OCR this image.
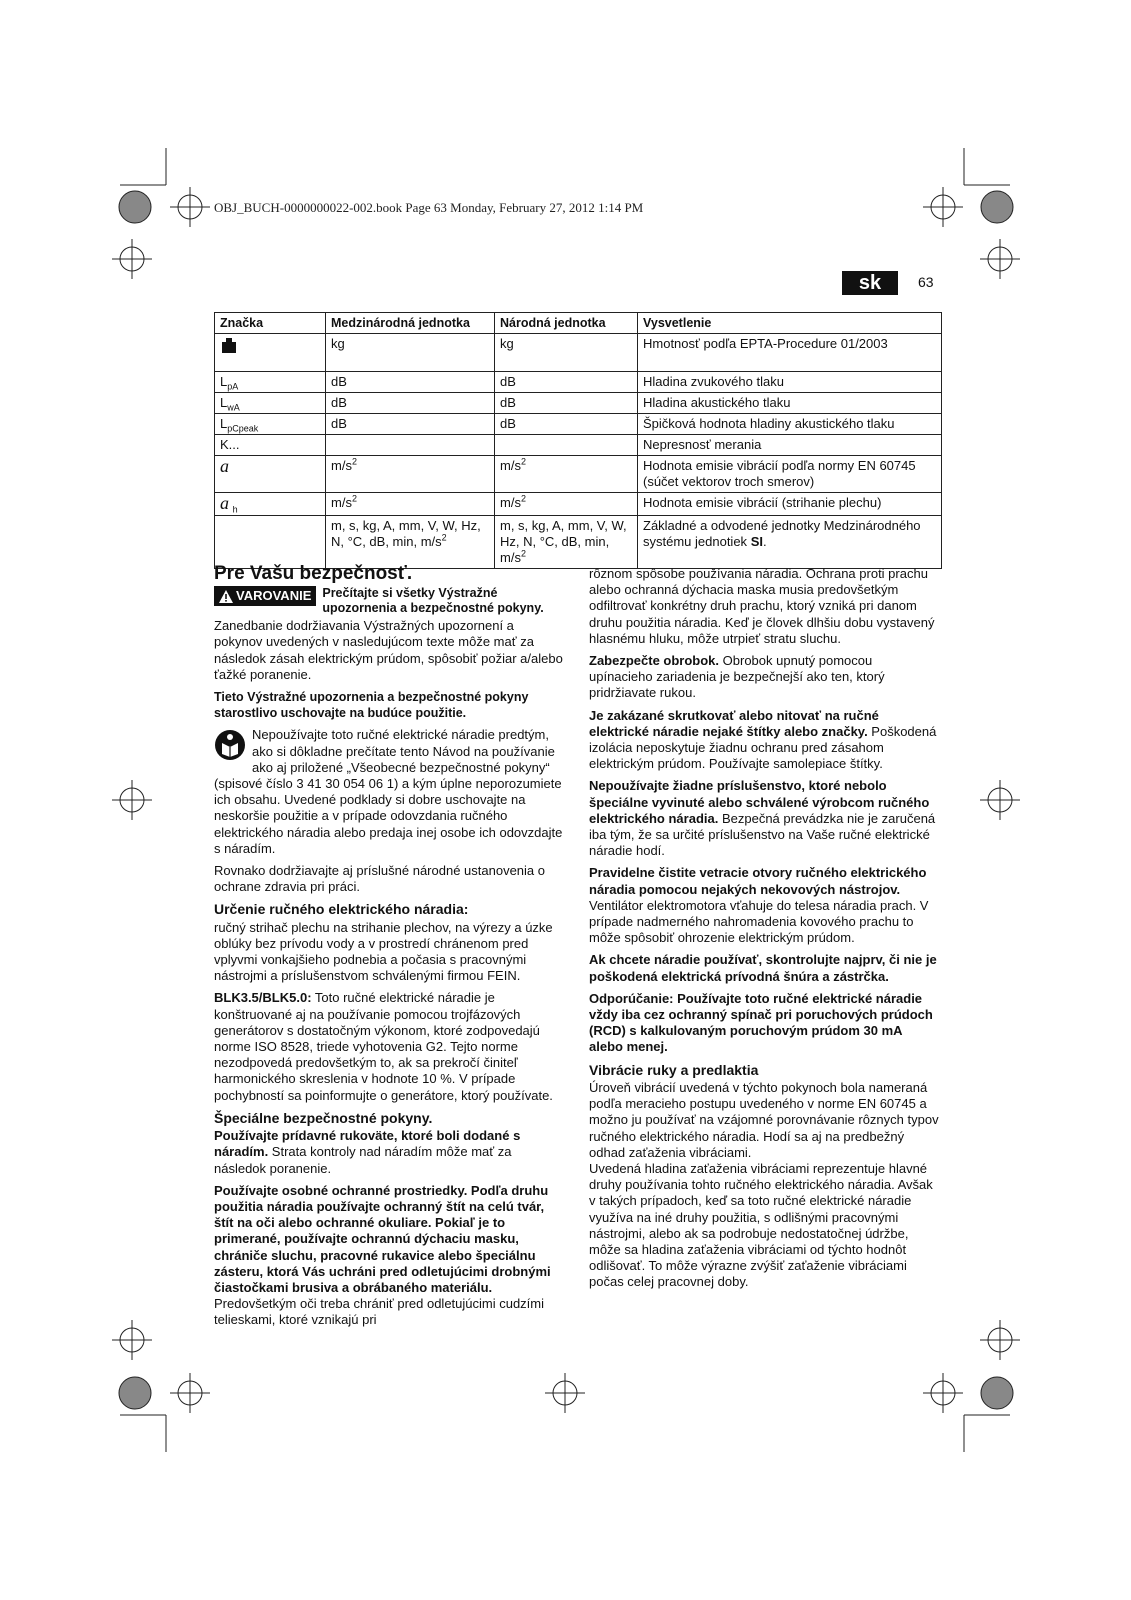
OBJ_BUCH-0000000022-002.book Page 63 Monday, February 27, 2012 1:14 PM
sk	63
Značka	Medzinárodná jednotka	Národná jednotka	Vysvetlenie
	kg	kg	Hmotnosť podľa EPTA-Procedure 01/2003
$L_{pA}$	dB	dB	Hladina zvukového tlaku
$L_{wA}$	dB	dB	Hladina akustického tlaku
$L_{pCpeak}$	dB	dB	Špičková hodnota hladiny akustického tlaku
K...			Nepresnosť merania
a	$m/s^2$	$m/s^2$	Hodnota emisie vibrácií podľa normy EN 60745 (súčet vektorov troch smerov)
a $_h$	$m/s^2$	$m/s^2$	Hodnota emisie vibrácií (strihanie plechu)
	m, s, kg, A, mm, V, W, Hz, N, °C, dB, min, $m/s^2$	m, s, kg, A, mm, V, W, Hz, N, °C, dB, min, $m/s^2$	Základné a odvodené jednotky Medzinárodného systému jednotiek SI.
Pre Vašu bezpečnosť.
VAROVANIE Prečítajte si všetky Výstražné upozornenia a bezpečnostné pokyny.

Zanedbanie dodržiavania Výstražných upozornení a pokynov uvedených v nasledujúcom texte môže mať za následok zásah elektrickým prúdom, spôsobiť požiar a/alebo ťažké poranenie.

Tieto Výstražné upozornenia a bezpečnostné pokyny starostlivo uschovajte na budúce použitie.

Nepoužívajte toto ručné elektrické náradie predtým, ako si dôkladne prečítate tento Návod na používanie ako aj priložené „Všeobecné bezpečnostné pokyny“ (spisové číslo 3 41 30 054 06 1) a kým úplne neporozumiete ich obsahu. Uvedené podklady si dobre uschovajte na neskoršie použitie a v prípade odovzdania ručného elektrického náradia alebo predaja inej osobe ich odovzdajte s náradím.

Rovnako dodržiavajte aj príslušné národné ustanovenia o ochrane zdravia pri práci.

Určenie ručného elektrického náradia:

ručný strihač plechu na strihanie plechov, na výrezy a úzke oblúky bez prívodu vody a v prostredí chránenom pred vplyvmi vonkajšieho podnebia a počasia s pracovnými nástrojmi a príslušenstvom schválenými firmou FEIN.

BLK3.5/BLK5.0: Toto ručné elektrické náradie je konštruované aj na používanie pomocou trojfázových generátorov s dostatočným výkonom, ktoré zodpovedajú norme ISO 8528, triede vyhotovenia G2. Tejto norme nezodpovedá predovšetkým to, ak sa prekročí činiteľ harmonického skreslenia v hodnote 10 %. V prípade pochybností sa poinformujte o generátore, ktorý používate.

Špeciálne bezpečnostné pokyny.

Používajte prídavné rukoväte, ktoré boli dodané s náradím. Strata kontroly nad náradím môže mať za následok poranenie.

Používajte osobné ochranné prostriedky. Podľa druhu použitia náradia používajte ochranný štít na celú tvár, štít na oči alebo ochranné okuliare. Pokiaľ je to primerané, používajte ochrannú dýchaciu masku, chrániče sluchu, pracovné rukavice alebo špeciálnu zásteru, ktorá Vás uchráni pred odletujúcimi drobnými čiastočkami brusiva a obrábaného materiálu. Predovšetkým oči treba chrániť pred odletujúcimi cudzími telieskami, ktoré vznikajú pri

rôznom spôsobe používania náradia. Ochrana proti prachu alebo ochranná dýchacia maska musia predovšetkým odfiltrovať konkrétny druh prachu, ktorý vzniká pri danom druhu použitia náradia. Keď je človek dlhšiu dobu vystavený hlasnému hluku, môže utrpieť stratu sluchu.

Zabezpečte obrobok. Obrobok upnutý pomocou upínacieho zariadenia je bezpečnejší ako ten, ktorý pridržiavate rukou.

Je zakázané skrutkovať alebo nitovať na ručné elektrické náradie nejaké štítky alebo značky. Poškodená izolácia neposkytuje žiadnu ochranu pred zásahom elektrickým prúdom. Používajte samolepiace štítky.

Nepoužívajte žiadne príslušenstvo, ktoré nebolo špeciálne vyvinuté alebo schválené výrobcom ručného elektrického náradia. Bezpečná prevádzka nie je zaručená iba tým, že sa určité príslušenstvo na Vaše ručné elektrické náradie hodí.

Pravidelne čistite vetracie otvory ručného elektrického náradia pomocou nejakých nekovových nástrojov. Ventilátor elektromotora vťahuje do telesa náradia prach. V prípade nadmerného nahromadenia kovového prachu to môže spôsobiť ohrozenie elektrickým prúdom.

Ak chcete náradie používať, skontrolujte najprv, či nie je poškodená elektrická prívodná šnúra a zástrčka.

Odporúčanie: Používajte toto ručné elektrické náradie vždy iba cez ochranný spínač pri poruchových prúdoch (RCD) s kalkulovaným poruchovým prúdom 30 mA alebo menej.

Vibrácie ruky a predlaktia

Úroveň vibrácií uvedená v týchto pokynoch bola nameraná podľa meracieho postupu uvedeného v norme EN 60745 a možno ju používať na vzájomné porovnávanie rôznych typov ručného elektrického náradia. Hodí sa aj na predbežný odhad zaťaženia vibráciami.

Uvedená hladina zaťaženia vibráciami reprezentuje hlavné druhy používania tohto ručného elektrického náradia. Avšak v takých prípadoch, keď sa toto ručné elektrické náradie využíva na iné druhy použitia, s odlišnými pracovnými nástrojmi, alebo ak sa podrobuje nedostatočnej údržbe, môže sa hladina zaťaženia vibráciami od týchto hodnôt odlišovať. To môže výrazne zvýšiť zaťaženie vibráciami počas celej pracovnej doby.
